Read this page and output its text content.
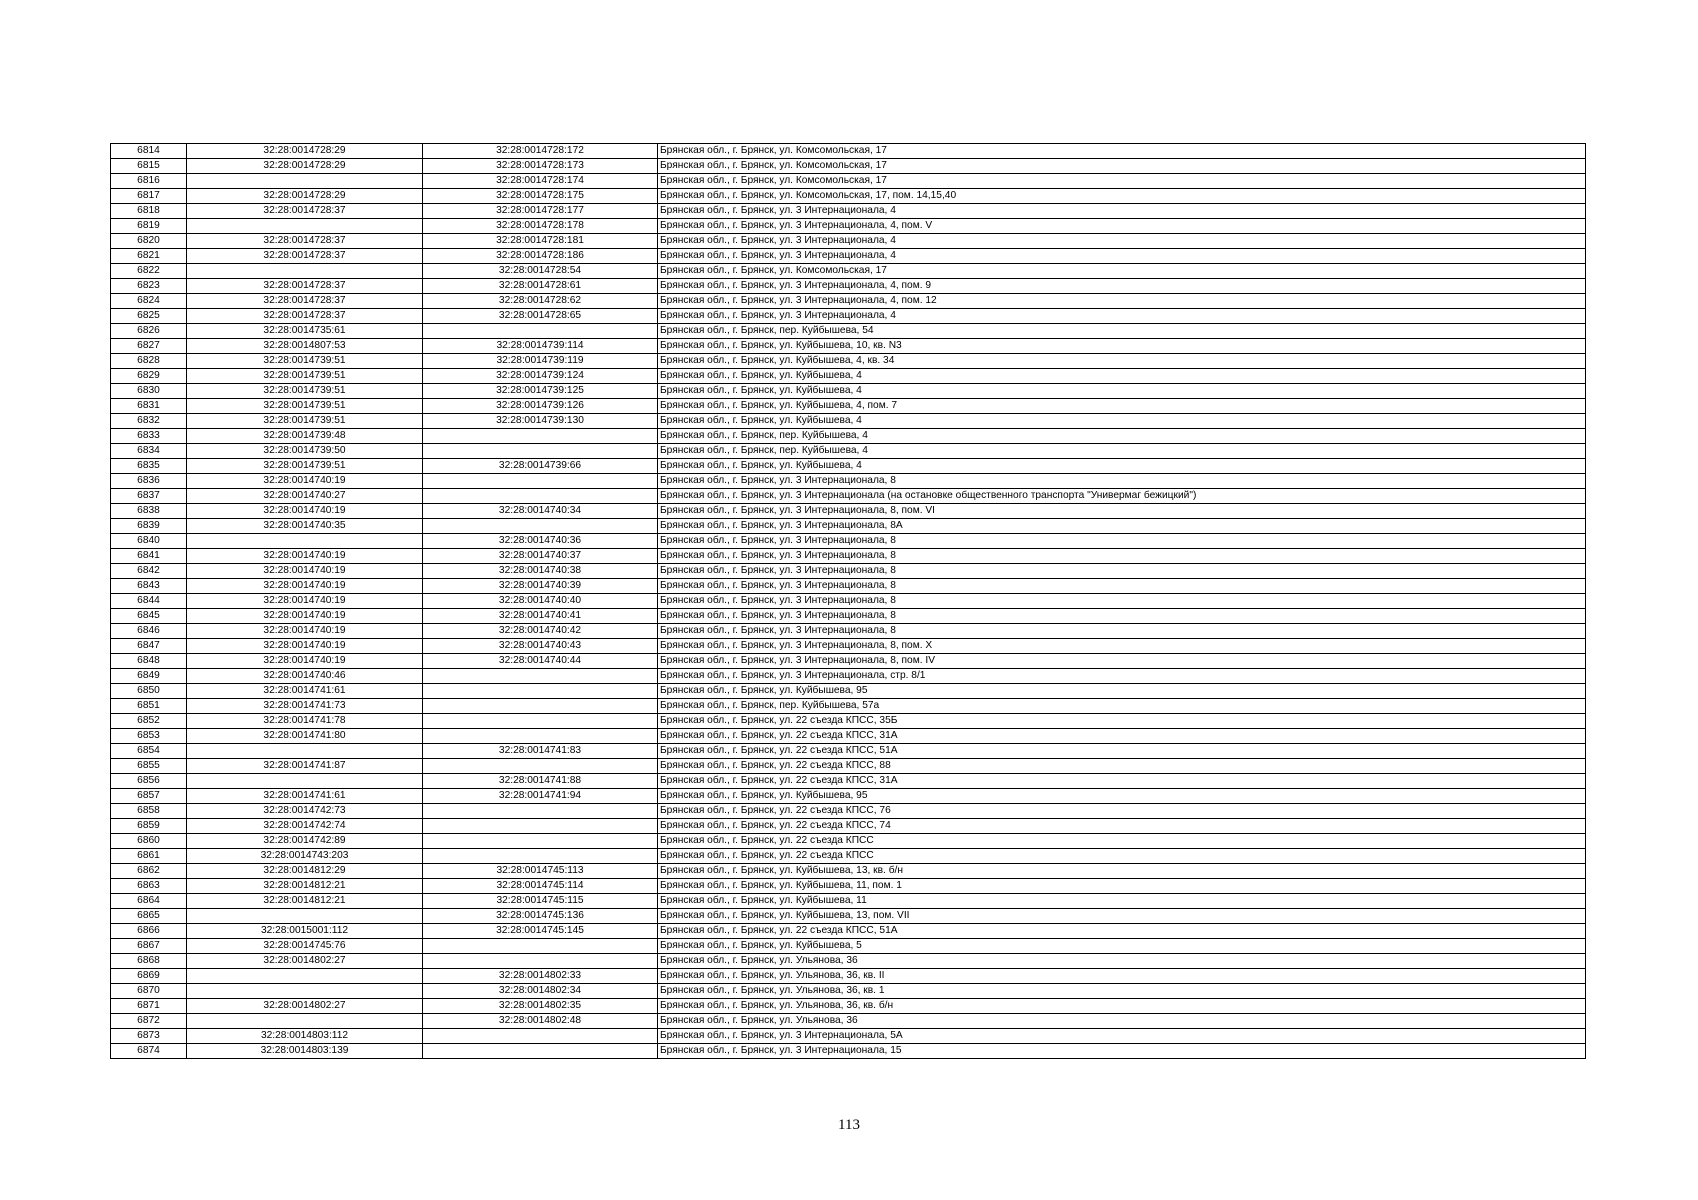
6814	32:28:0014728:29	32:28:0014728:172	Брянская обл., г. Брянск, ул. Комсомольская, 17
6815	32:28:0014728:29	32:28:0014728:173	Брянская обл., г. Брянск, ул. Комсомольская, 17
6816		32:28:0014728:174	Брянская обл., г. Брянск, ул. Комсомольская, 17
6817	32:28:0014728:29	32:28:0014728:175	Брянская обл., г. Брянск, ул. Комсомольская, 17, пом. 14,15,40
6818	32:28:0014728:37	32:28:0014728:177	Брянская обл., г. Брянск, ул. 3 Интернационала, 4
6819		32:28:0014728:178	Брянская обл., г. Брянск, ул. 3 Интернационала, 4, пом. V
6820	32:28:0014728:37	32:28:0014728:181	Брянская обл., г. Брянск, ул. 3 Интернационала, 4
6821	32:28:0014728:37	32:28:0014728:186	Брянская обл., г. Брянск, ул. 3 Интернационала, 4
6822		32:28:0014728:54	Брянская обл., г. Брянск, ул. Комсомольская, 17
6823	32:28:0014728:37	32:28:0014728:61	Брянская обл., г. Брянск, ул. 3 Интернационала, 4, пом. 9
6824	32:28:0014728:37	32:28:0014728:62	Брянская обл., г. Брянск, ул. 3 Интернационала, 4, пом. 12
6825	32:28:0014728:37	32:28:0014728:65	Брянская обл., г. Брянск, ул. 3 Интернационала, 4
6826	32:28:0014735:61		Брянская обл., г. Брянск, пер. Куйбышева, 54
6827	32:28:0014807:53	32:28:0014739:114	Брянская обл., г. Брянск, ул. Куйбышева, 10, кв. N3
6828	32:28:0014739:51	32:28:0014739:119	Брянская обл., г. Брянск, ул. Куйбышева, 4, кв. 34
6829	32:28:0014739:51	32:28:0014739:124	Брянская обл., г. Брянск, ул. Куйбышева, 4
6830	32:28:0014739:51	32:28:0014739:125	Брянская обл., г. Брянск, ул. Куйбышева, 4
6831	32:28:0014739:51	32:28:0014739:126	Брянская обл., г. Брянск, ул. Куйбышева, 4, пом. 7
6832	32:28:0014739:51	32:28:0014739:130	Брянская обл., г. Брянск, ул. Куйбышева, 4
6833	32:28:0014739:48		Брянская обл., г. Брянск, пер. Куйбышева, 4
6834	32:28:0014739:50		Брянская обл., г. Брянск, пер. Куйбышева, 4
6835	32:28:0014739:51	32:28:0014739:66	Брянская обл., г. Брянск, ул. Куйбышева, 4
6836	32:28:0014740:19		Брянская обл., г. Брянск, ул. 3 Интернационала, 8
6837	32:28:0014740:27		Брянская обл., г. Брянск, ул. 3 Интернационала (на остановке общественного транспорта "Универмаг бежицкий")
6838	32:28:0014740:19	32:28:0014740:34	Брянская обл., г. Брянск, ул. 3 Интернационала, 8, пом. VI
6839	32:28:0014740:35		Брянская обл., г. Брянск, ул. 3 Интернационала, 8А
6840		32:28:0014740:36	Брянская обл., г. Брянск, ул. 3 Интернационала, 8
6841	32:28:0014740:19	32:28:0014740:37	Брянская обл., г. Брянск, ул. 3 Интернационала, 8
6842	32:28:0014740:19	32:28:0014740:38	Брянская обл., г. Брянск, ул. 3 Интернационала, 8
6843	32:28:0014740:19	32:28:0014740:39	Брянская обл., г. Брянск, ул. 3 Интернационала, 8
6844	32:28:0014740:19	32:28:0014740:40	Брянская обл., г. Брянск, ул. 3 Интернационала, 8
6845	32:28:0014740:19	32:28:0014740:41	Брянская обл., г. Брянск, ул. 3 Интернационала, 8
6846	32:28:0014740:19	32:28:0014740:42	Брянская обл., г. Брянск, ул. 3 Интернационала, 8
6847	32:28:0014740:19	32:28:0014740:43	Брянская обл., г. Брянск, ул. 3 Интернационала, 8, пом. X
6848	32:28:0014740:19	32:28:0014740:44	Брянская обл., г. Брянск, ул. 3 Интернационала, 8, пом. IV
6849	32:28:0014740:46		Брянская обл., г. Брянск, ул. 3 Интернационала, стр. 8/1
6850	32:28:0014741:61		Брянская обл., г. Брянск, ул. Куйбышева, 95
6851	32:28:0014741:73		Брянская обл., г. Брянск, пер. Куйбышева, 57а
6852	32:28:0014741:78		Брянская обл., г. Брянск, ул. 22 съезда КПСС, 35Б
6853	32:28:0014741:80		Брянская обл., г. Брянск, ул. 22 съезда КПСС, 31А
6854		32:28:0014741:83	Брянская обл., г. Брянск, ул. 22 съезда КПСС, 51А
6855	32:28:0014741:87		Брянская обл., г. Брянск, ул. 22 съезда КПСС, 88
6856		32:28:0014741:88	Брянская обл., г. Брянск, ул. 22 съезда КПСС, 31А
6857	32:28:0014741:61	32:28:0014741:94	Брянская обл., г. Брянск, ул. Куйбышева, 95
6858	32:28:0014742:73		Брянская обл., г. Брянск, ул. 22 съезда КПСС, 76
6859	32:28:0014742:74		Брянская обл., г. Брянск, ул. 22 съезда КПСС, 74
6860	32:28:0014742:89		Брянская обл., г. Брянск, ул. 22 съезда КПСС
6861	32:28:0014743:203		Брянская обл., г. Брянск, ул. 22 съезда КПСС
6862	32:28:0014812:29	32:28:0014745:113	Брянская обл., г. Брянск, ул. Куйбышева, 13, кв. б/н
6863	32:28:0014812:21	32:28:0014745:114	Брянская обл., г. Брянск, ул. Куйбышева, 11, пом. 1
6864	32:28:0014812:21	32:28:0014745:115	Брянская обл., г. Брянск, ул. Куйбышева, 11
6865		32:28:0014745:136	Брянская обл., г. Брянск, ул. Куйбышева, 13, пом. VII
6866	32:28:0015001:112	32:28:0014745:145	Брянская обл., г. Брянск, ул. 22 съезда КПСС, 51А
6867	32:28:0014745:76		Брянская обл., г. Брянск, ул. Куйбышева, 5
6868	32:28:0014802:27		Брянская обл., г. Брянск, ул. Ульянова, 36
6869		32:28:0014802:33	Брянская обл., г. Брянск, ул. Ульянова, 36, кв. II
6870		32:28:0014802:34	Брянская обл., г. Брянск, ул. Ульянова, 36, кв. 1
6871	32:28:0014802:27	32:28:0014802:35	Брянская обл., г. Брянск, ул. Ульянова, 36, кв. б/н
6872		32:28:0014802:48	Брянская обл., г. Брянск, ул. Ульянова, 36
6873	32:28:0014803:112		Брянская обл., г. Брянск, ул. 3 Интернационала, 5А
6874	32:28:0014803:139		Брянская обл., г. Брянск, ул. 3 Интернационала, 15
113
